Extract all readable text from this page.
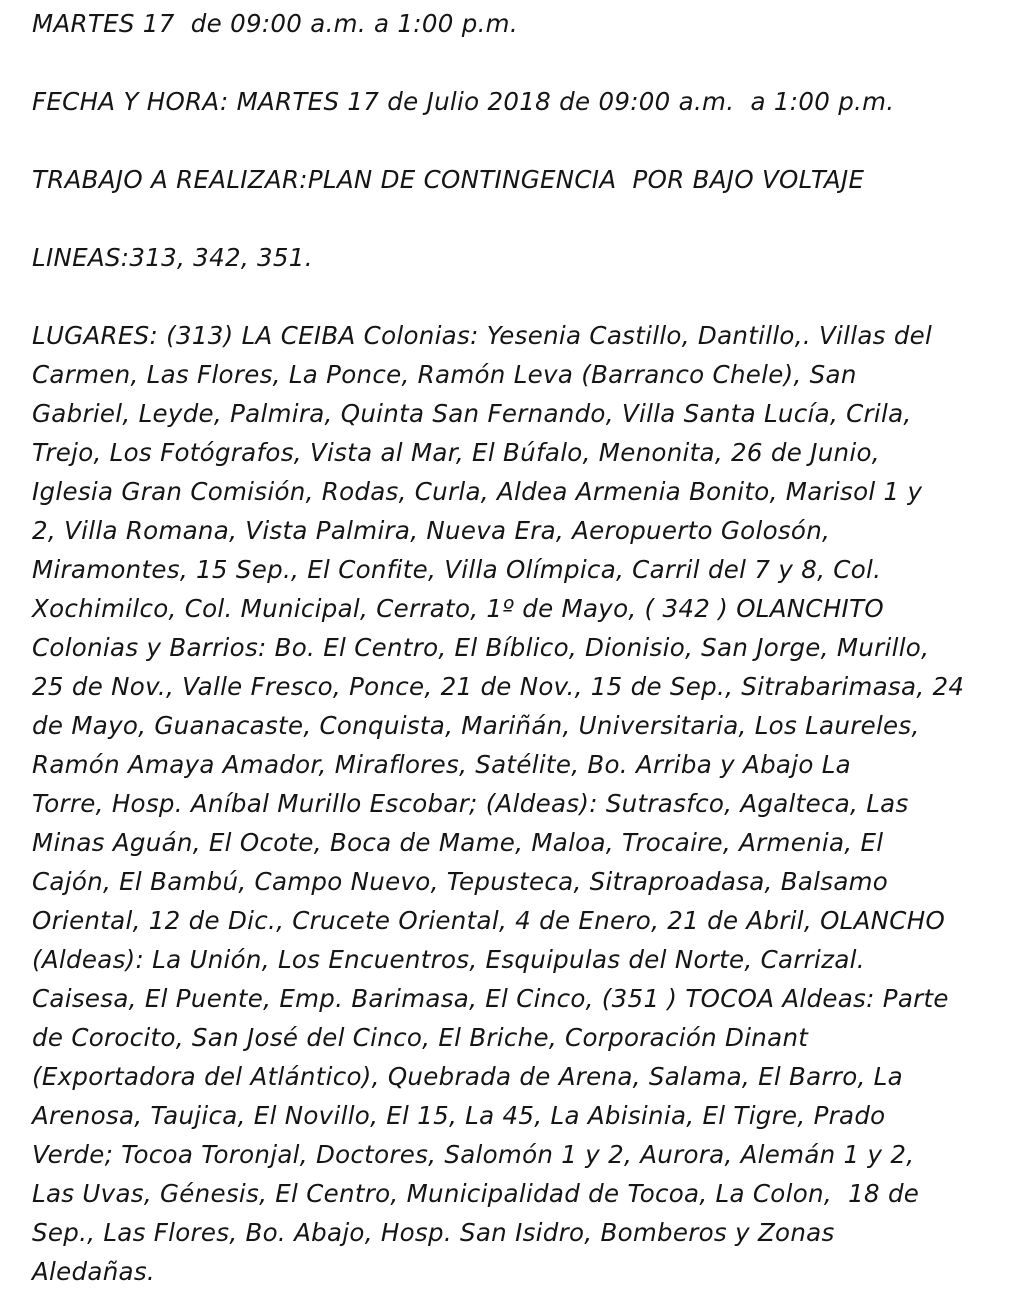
MARTES 17  de 09:00 a.m. a 1:00 p.m.

FECHA Y HORA: MARTES 17 de Julio 2018 de 09:00 a.m.  a 1:00 p.m.

TRABAJO A REALIZAR:PLAN DE CONTINGENCIA  POR BAJO VOLTAJE

LINEAS:313, 342, 351.

LUGARES: (313) LA CEIBA Colonias: Yesenia Castillo, Dantillo,. Villas del
Carmen, Las Flores, La Ponce, Ramón Leva (Barranco Chele), San
Gabriel, Leyde, Palmira, Quinta San Fernando, Villa Santa Lucía, Crila,
Trejo, Los Fotógrafos, Vista al Mar, El Búfalo, Menonita, 26 de Junio,
Iglesia Gran Comisión, Rodas, Curla, Aldea Armenia Bonito, Marisol 1 y
2, Villa Romana, Vista Palmira, Nueva Era, Aeropuerto Golosón,
Miramontes, 15 Sep., El Confite, Villa Olímpica, Carril del 7 y 8, Col.
Xochimilco, Col. Municipal, Cerrato, 1º de Mayo, ( 342 ) OLANCHITO
Colonias y Barrios: Bo. El Centro, El Bíblico, Dionisio, San Jorge, Murillo,
25 de Nov., Valle Fresco, Ponce, 21 de Nov., 15 de Sep., Sitrabarimasa, 24
de Mayo, Guanacaste, Conquista, Mariñán, Universitaria, Los Laureles,
Ramón Amaya Amador, Miraflores, Satélite, Bo. Arriba y Abajo La
Torre, Hosp. Aníbal Murillo Escobar; (Aldeas): Sutrasfco, Agalteca, Las
Minas Aguán, El Ocote, Boca de Mame, Maloa, Trocaire, Armenia, El
Cajón, El Bambú, Campo Nuevo, Tepusteca, Sitraproadasa, Balsamo
Oriental, 12 de Dic., Crucete Oriental, 4 de Enero, 21 de Abril, OLANCHO
(Aldeas): La Unión, Los Encuentros, Esquipulas del Norte, Carrizal.
Caisesa, El Puente, Emp. Barimasa, El Cinco, (351 ) TOCOA Aldeas: Parte
de Corocito, San José del Cinco, El Briche, Corporación Dinant
(Exportadora del Atlántico), Quebrada de Arena, Salama, El Barro, La
Arenosa, Taujica, El Novillo, El 15, La 45, La Abisinia, El Tigre, Prado
Verde; Tocoa Toronjal, Doctores, Salomón 1 y 2, Aurora, Alemán 1 y 2,
Las Uvas, Génesis, El Centro, Municipalidad de Tocoa, La Colon,  18 de
Sep., Las Flores, Bo. Abajo, Hosp. San Isidro, Bomberos y Zonas
Aledañas.
